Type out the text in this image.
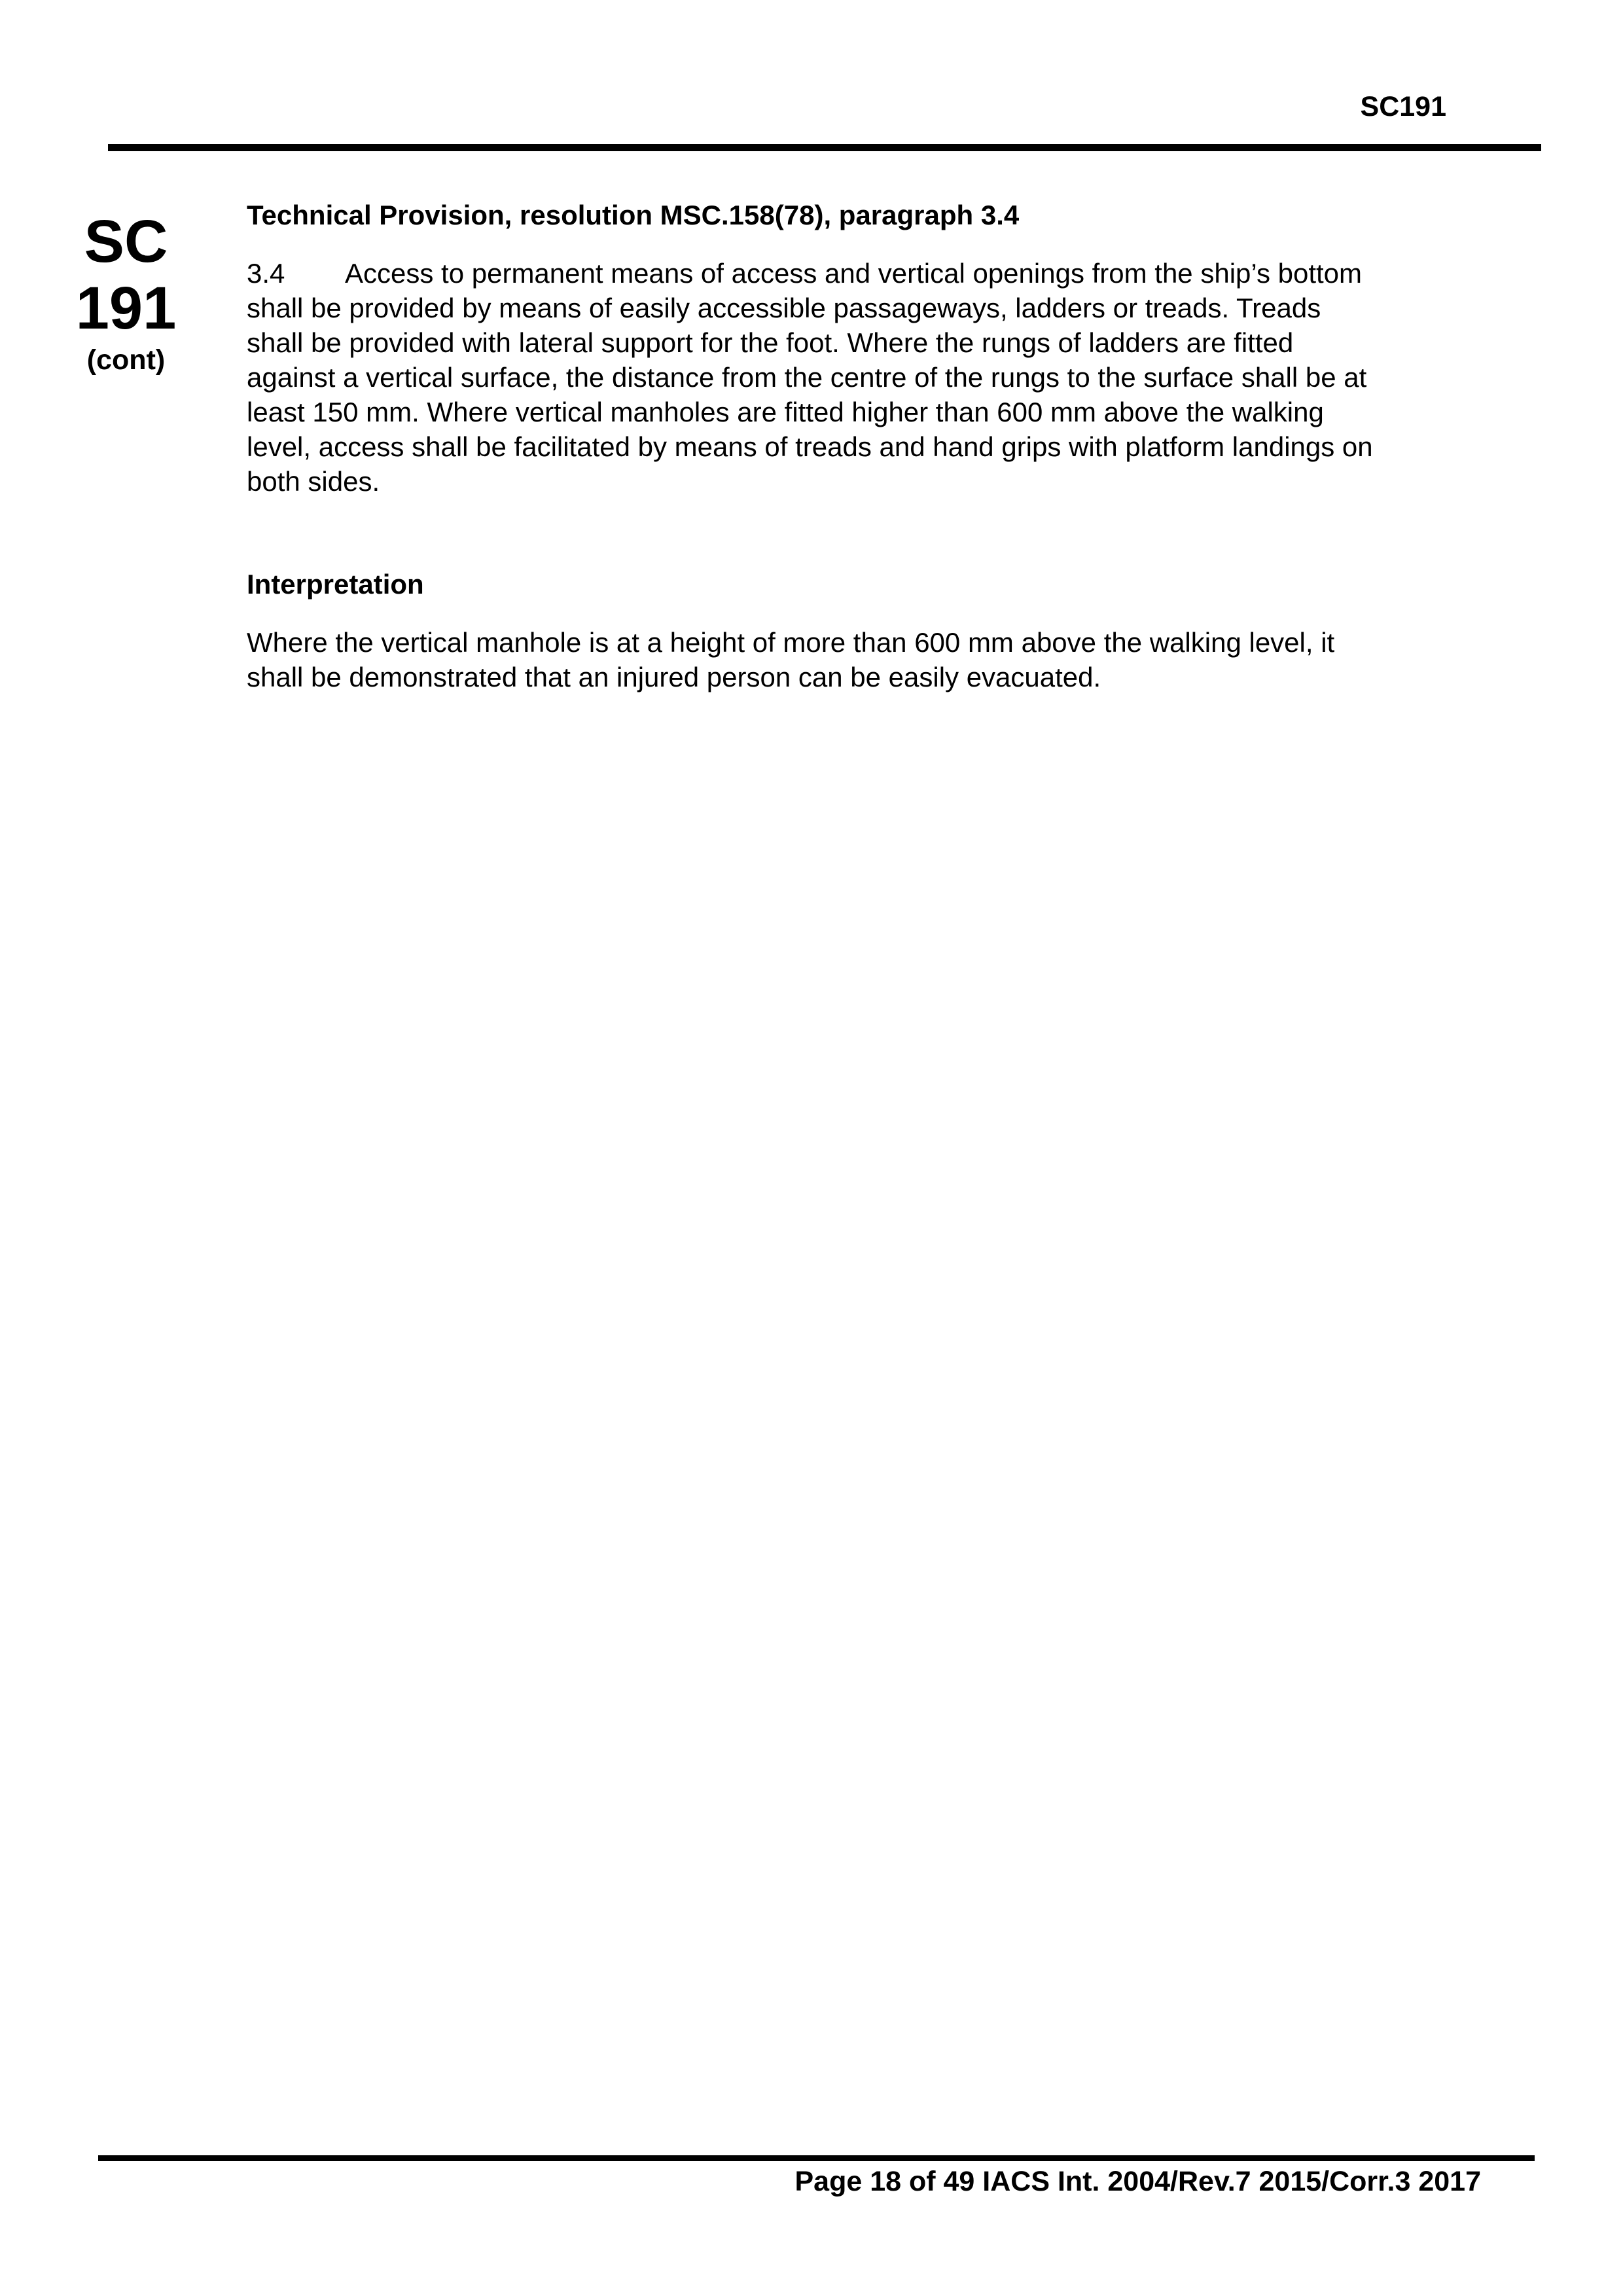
SC191
SC
191
(cont)

Technical Provision, resolution MSC.158(78), paragraph 3.4

3.4 Access to permanent means of access and vertical openings from the ship’s bottom
shall be provided by means of easily accessible passageways, ladders or treads. Treads
shall be provided with lateral support for the foot. Where the rungs of ladders are fitted
against a vertical surface, the distance from the centre of the rungs to the surface shall be at
least 150 mm. Where vertical manholes are fitted higher than 600 mm above the walking
level, access shall be facilitated by means of treads and hand grips with platform landings on
both sides.

Interpretation

Where the vertical manhole is at a height of more than 600 mm above the walking level, it
shall be demonstrated that an injured person can be easily evacuated.
Page 18 of 49 IACS Int. 2004/Rev.7 2015/Corr.3 2017
